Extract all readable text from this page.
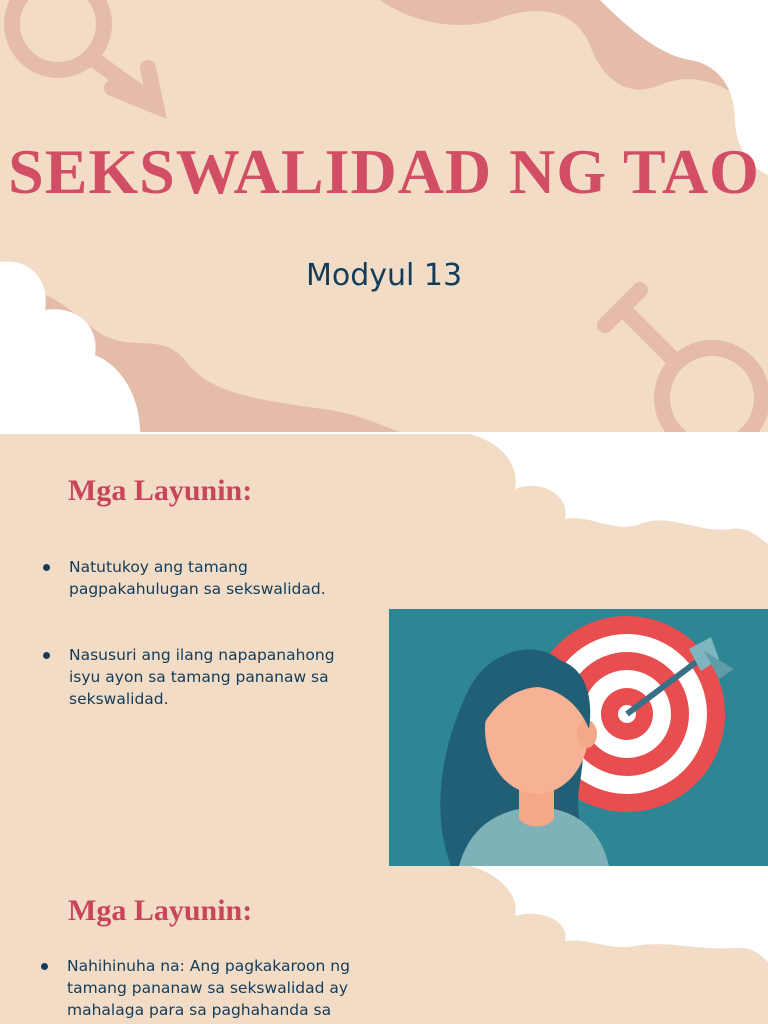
SEKSWALIDAD NG TAO
Modyul 13
Mga Layunin:
Natutukoy ang tamang pagpakahulugan sa sekswalidad.
Nasusuri ang ilang napapanahong isyu ayon sa tamang pananaw sa sekswalidad.
Mga Layunin:
Nahihinuha na: Ang pagkakaroon ng tamang pananaw sa sekswalidad ay mahalaga para sa paghahanda sa
